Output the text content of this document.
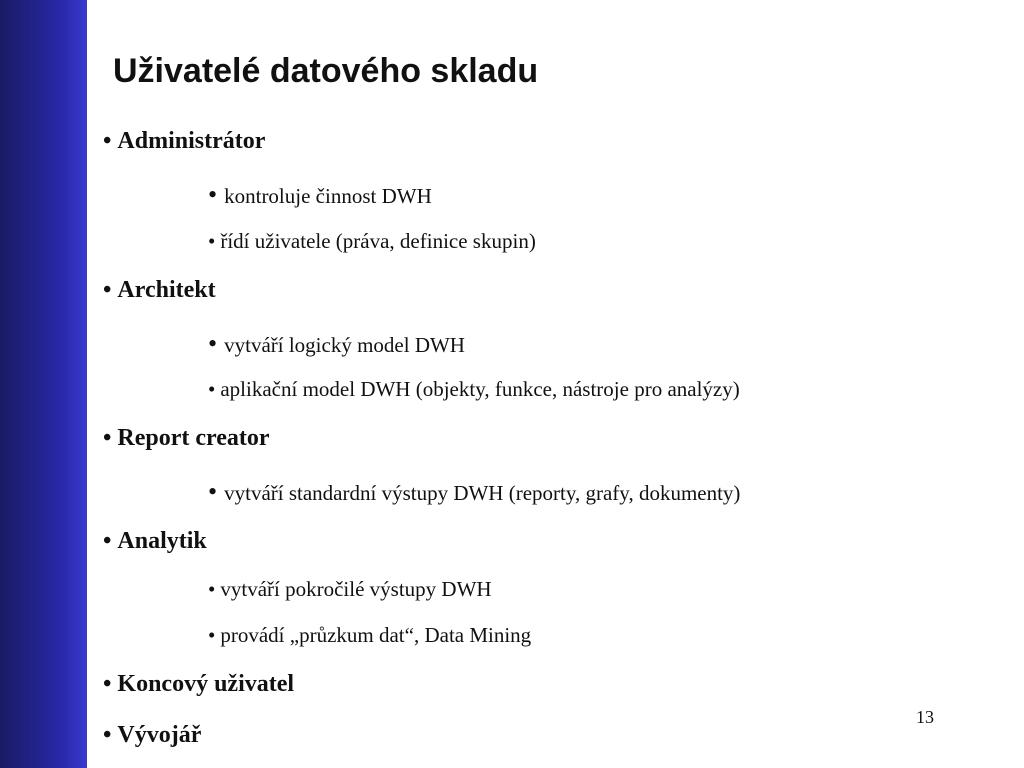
Uživatelé datového skladu

• Administrátor

• kontroluje činnost DWH

• řídí uživatele (práva, definice skupin)

• Architekt

• vytváří logický model DWH

• aplikační model DWH (objekty, funkce, nástroje pro analýzy)

• Report creator

• vytváří standardní výstupy DWH (reporty, grafy, dokumenty)

• Analytik

• vytváří pokročilé výstupy DWH

• provádí „průzkum dat“, Data Mining

• Koncový uživatel

• Vývojář

13
